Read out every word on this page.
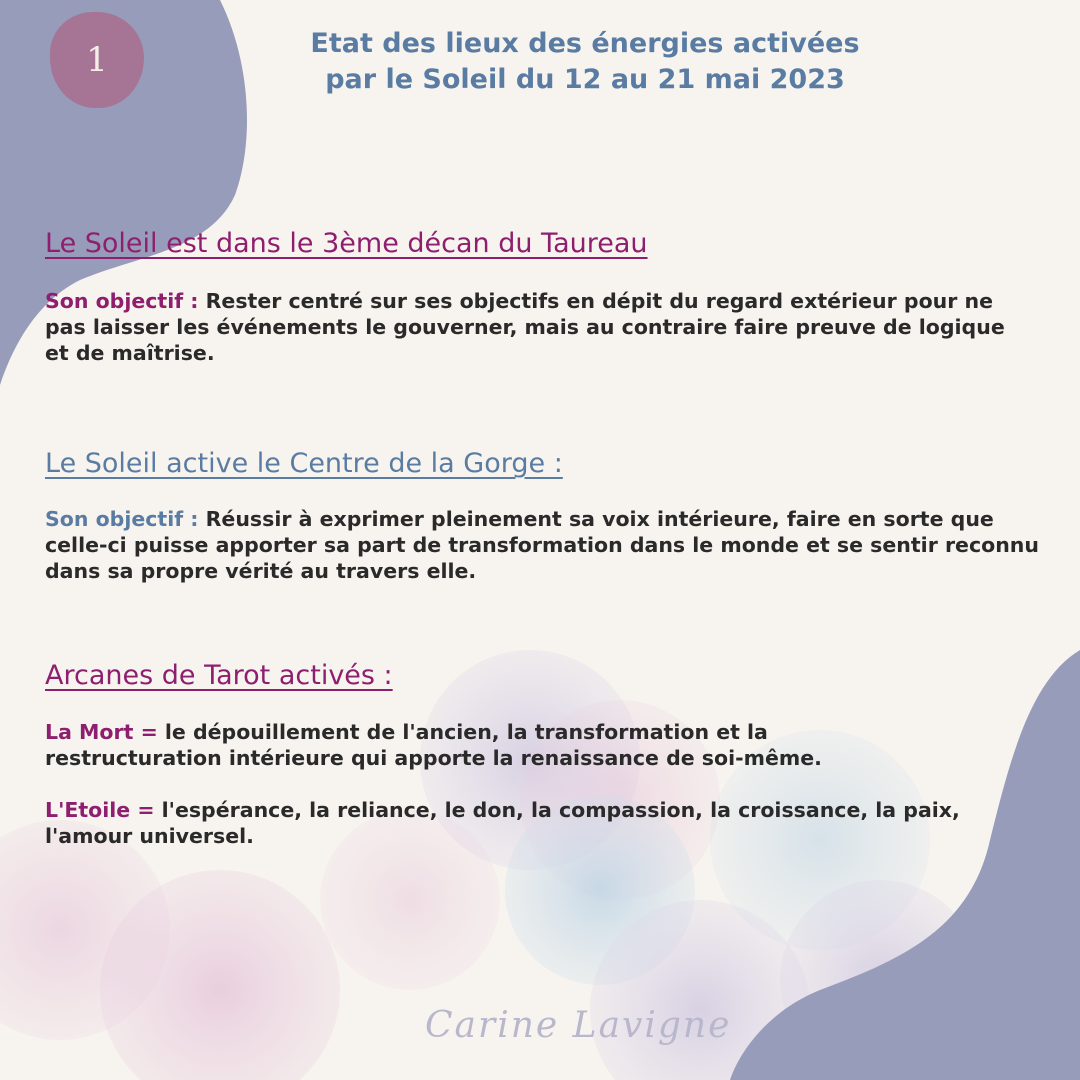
1	Etat des lieux des énergies activées
par le Soleil du 12 au 21 mai 2023
Le Soleil est dans le 3ème décan du Taureau
Son objectif : Rester centré sur ses objectifs en dépit du regard extérieur pour ne pas laisser les événements le gouverner, mais au contraire faire preuve de logique et de maîtrise.
Le Soleil active le Centre de la Gorge :
Son objectif : Réussir à exprimer pleinement sa voix intérieure, faire en sorte que celle-ci puisse apporter sa part de transformation dans le monde et se sentir reconnu dans sa propre vérité au travers elle.
Arcanes de Tarot activés :
La Mort = le dépouillement de l'ancien, la transformation et la restructuration intérieure qui apporte la renaissance de soi-même.
L'Etoile = l'espérance, la reliance, le don, la compassion, la croissance, la paix, l'amour universel.
Carine Lavigne
